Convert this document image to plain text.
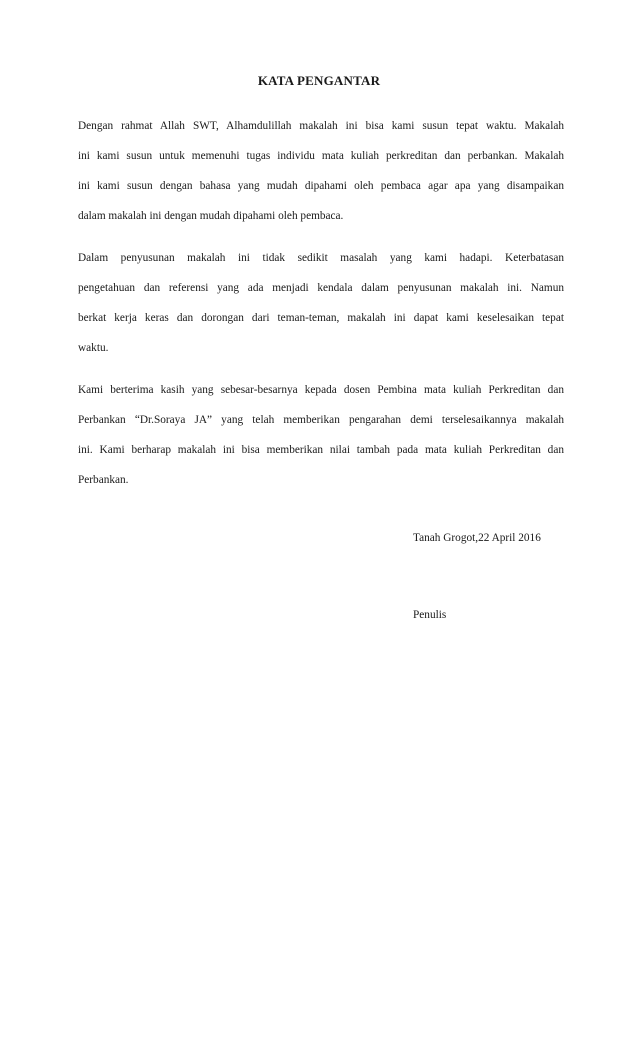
KATA PENGANTAR
Dengan rahmat Allah SWT, Alhamdulillah makalah ini bisa kami susun tepat waktu. Makalah
ini kami susun untuk memenuhi tugas individu mata kuliah perkreditan dan perbankan. Makalah
ini kami susun dengan bahasa yang mudah dipahami oleh pembaca agar apa yang disampaikan
dalam makalah ini dengan mudah dipahami oleh pembaca.
Dalam penyusunan makalah ini tidak sedikit masalah yang kami hadapi. Keterbatasan
pengetahuan dan referensi yang ada menjadi kendala dalam penyusunan makalah ini. Namun
berkat kerja keras dan dorongan dari teman-teman, makalah ini dapat kami keselesaikan tepat
waktu.
Kami berterima kasih yang sebesar-besarnya kepada dosen Pembina mata kuliah Perkreditan dan
Perbankan “Dr.Soraya JA” yang telah memberikan pengarahan demi terselesaikannya makalah
ini. Kami berharap makalah ini bisa memberikan nilai tambah pada mata kuliah Perkreditan dan
Perbankan.
Tanah Grogot,22 April 2016
Penulis
